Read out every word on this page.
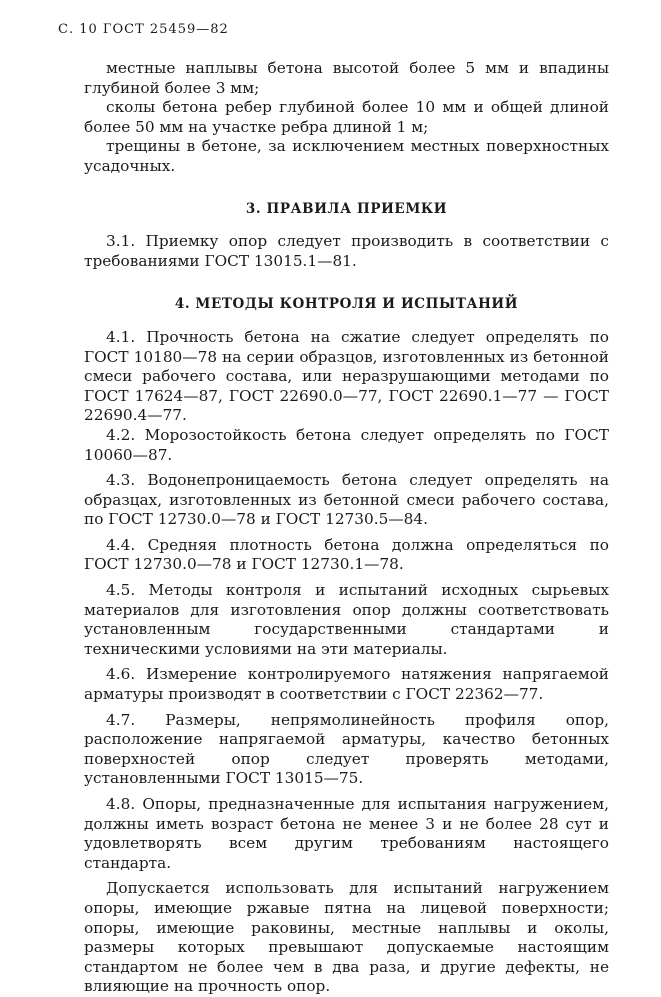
С. 10 ГОСТ 25459—82

местные наплывы бетона высотой более 5 мм и впадины глубиной более 3 мм;

сколы бетона ребер глубиной более 10 мм и общей длиной более 50 мм на участке ребра длиной 1 м;

трещины в бетоне, за исключением местных поверхностных усадочных.

3. ПРАВИЛА ПРИЕМКИ

3.1. Приемку опор следует производить в соответствии с требованиями ГОСТ 13015.1—81.

4. МЕТОДЫ КОНТРОЛЯ И ИСПЫТАНИЙ

4.1. Прочность бетона на сжатие следует определять по ГОСТ 10180—78 на серии образцов, изготовленных из бетонной смеси рабочего состава, или неразрушающими методами по ГОСТ 17624—87, ГОСТ 22690.0—77, ГОСТ 22690.1—77 — ГОСТ 22690.4—77.

4.2. Морозостойкость бетона следует определять по ГОСТ 10060—87.

4.3. Водонепроницаемость бетона следует определять на образцах, изготовленных из бетонной смеси рабочего состава, по ГОСТ 12730.0—78 и ГОСТ 12730.5—84.

4.4. Средняя плотность бетона должна определяться по ГОСТ 12730.0—78 и ГОСТ 12730.1—78.

4.5. Методы контроля и испытаний исходных сырьевых материалов для изготовления опор должны соответствовать установленным государственными стандартами и техническими условиями на эти материалы.

4.6. Измерение контролируемого натяжения напрягаемой арматуры производят в соответствии с ГОСТ 22362—77.

4.7. Размеры, непрямолинейность профиля опор, расположение напрягаемой арматуры, качество бетонных поверхностей опор следует проверять методами, установленными ГОСТ 13015—75.

4.8. Опоры, предназначенные для испытания нагружением, должны иметь возраст бетона не менее 3 и не более 28 сут и удовлетворять всем другим требованиям настоящего стандарта.

Допускается использовать для испытаний нагружением опоры, имеющие ржавые пятна на лицевой поверхности; опоры, имеющие раковины, местные наплывы и околы, размеры которых превышают допускаемые настоящим стандартом не более чем в два раза, и другие дефекты, не влияющие на прочность опор.
